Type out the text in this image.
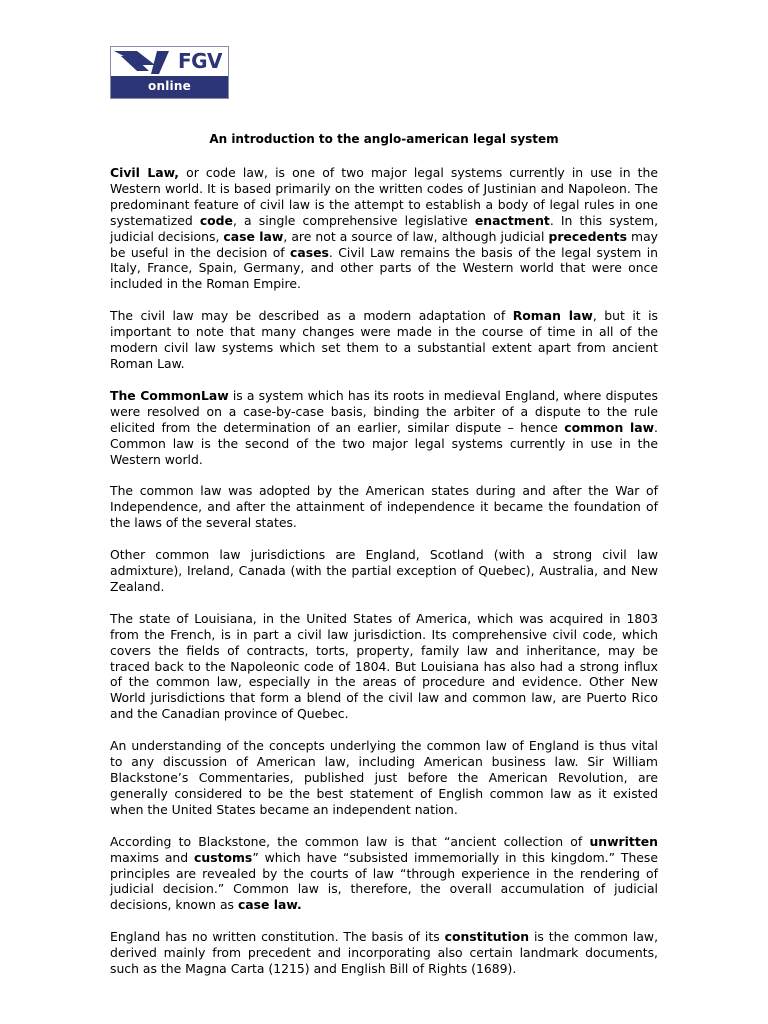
FGV
online
An introduction to the anglo-american legal system

Civil Law, or code law, is one of two major legal systems currently in use in the Western world. It is based primarily on the written codes of Justinian and Napoleon. The predominant feature of civil law is the attempt to establish a body of legal rules in one systematized code, a single comprehensive legislative enactment. In this system, judicial decisions, case law, are not a source of law, although judicial precedents may be useful in the decision of cases. Civil Law remains the basis of the legal system in Italy, France, Spain, Germany, and other parts of the Western world that were once included in the Roman Empire.

The civil law may be described as a modern adaptation of Roman law, but it is important to note that many changes were made in the course of time in all of the modern civil law systems which set them to a substantial extent apart from ancient Roman Law.

The CommonLaw is a system which has its roots in medieval England, where disputes were resolved on a case-by-case basis, binding the arbiter of a dispute to the rule elicited from the determination of an earlier, similar dispute – hence common law. Common law is the second of the two major legal systems currently in use in the Western world.

The common law was adopted by the American states during and after the War of Independence, and after the attainment of independence it became the foundation of the laws of the several states.

Other common law jurisdictions are England, Scotland (with a strong civil law admixture), Ireland, Canada (with the partial exception of Quebec), Australia, and New Zealand.

The state of Louisiana, in the United States of America, which was acquired in 1803 from the French, is in part a civil law jurisdiction. Its comprehensive civil code, which covers the fields of contracts, torts, property, family law and inheritance, may be traced back to the Napoleonic code of 1804. But Louisiana has also had a strong influx of the common law, especially in the areas of procedure and evidence. Other New World jurisdictions that form a blend of the civil law and common law, are Puerto Rico and the Canadian province of Quebec.

An understanding of the concepts underlying the common law of England is thus vital to any discussion of American law, including American business law. Sir William Blackstone’s Commentaries, published just before the American Revolution, are generally considered to be the best statement of English common law as it existed when the United States became an independent nation.

According to Blackstone, the common law is that “ancient collection of unwritten maxims and customs” which have “subsisted immemorially in this kingdom.” These principles are revealed by the courts of law “through experience in the rendering of judicial decision.” Common law is, therefore, the overall accumulation of judicial decisions, known as case law.

England has no written constitution. The basis of its constitution is the common law, derived mainly from precedent and incorporating also certain landmark documents, such as the Magna Carta (1215) and English Bill of Rights (1689).
